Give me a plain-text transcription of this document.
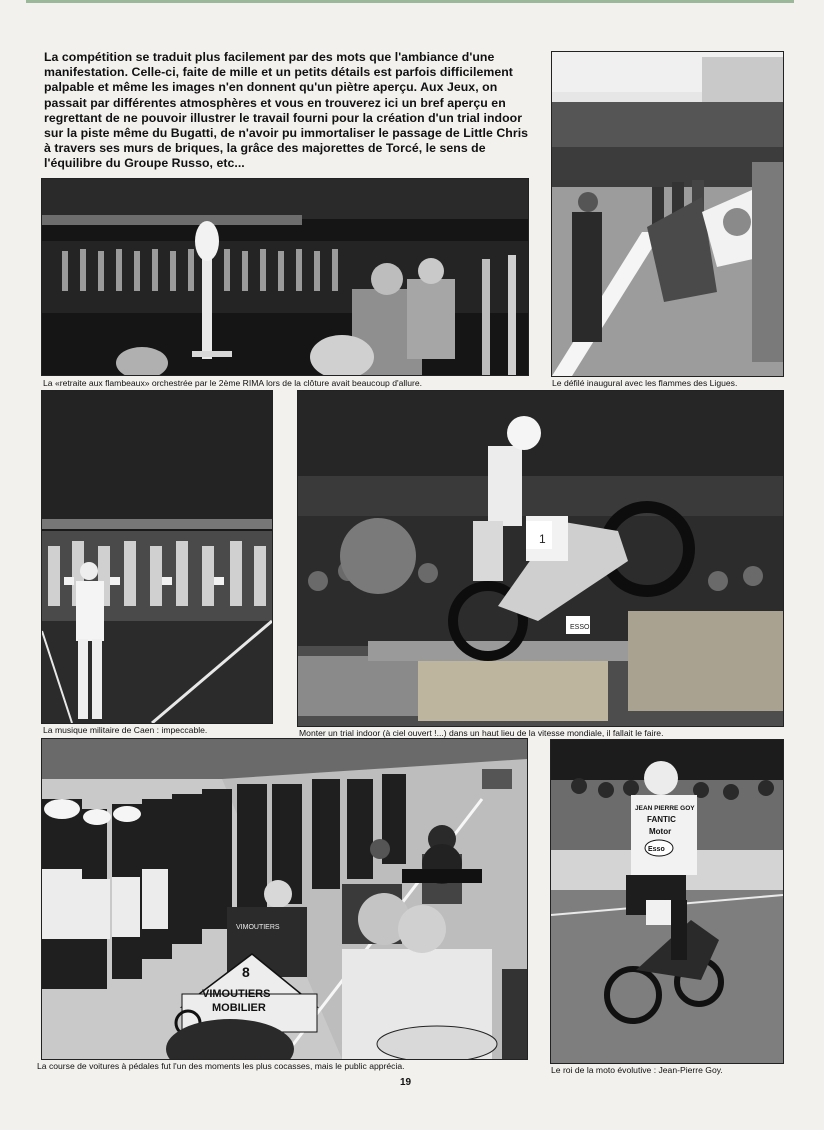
La compétition se traduit plus facilement par des mots que l'ambiance d'une manifestation. Celle-ci, faite de mille et un petits détails est parfois difficilement palpable et même les images n'en donnent qu'un piètre aperçu. Aux Jeux, on passait par différentes atmosphères et vous en trouverez ici un bref aperçu en regrettant de ne pouvoir illustrer le travail fourni pour la création d'un trial indoor sur la piste même du Bugatti, de n'avoir pu immortaliser le passage de Little Chris à travers ses murs de briques, la grâce des majorettes de Torcé, le sens de l'équilibre du Groupe Russo, etc...

La «retraite aux flambeaux» orchestrée par le 2ème RIMA lors de la clôture avait beaucoup d'allure.	Le défilé inaugural avec les flammes des Ligues.

La musique militaire de Caen : impeccable.

1
ESSO

Monter un trial indoor (à ciel ouvert !...) dans un haut lieu de la vitesse mondiale, il fallait le faire.

VIMOUTIERS
8
VIMOUTIERS
MOBILIER

La course de voitures à pédales fut l'un des moments les plus cocasses, mais le public apprécia.

JEAN PIERRE GOY
FANTIC
Motor
Esso

Le roi de la moto évolutive : Jean-Pierre Goy.

19
